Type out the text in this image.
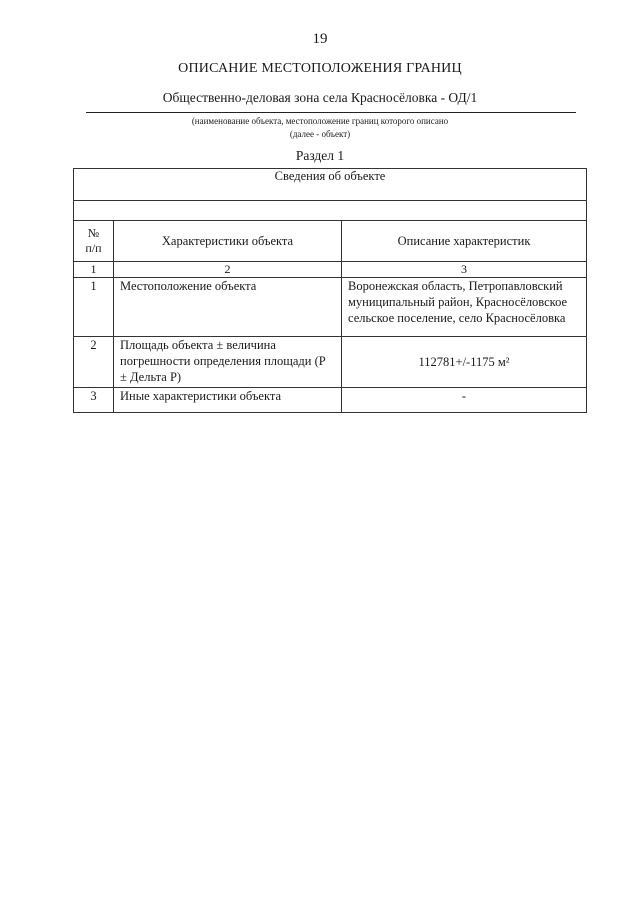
19
ОПИСАНИЕ МЕСТОПОЛОЖЕНИЯ ГРАНИЦ
Общественно-деловая зона села Красносёловка - ОД/1
(наименование объекта, местоположение границ которого описано
(далее - объект)
Раздел 1
Сведения об объекте		

№
п/п	Характеристики объекта	Описание характеристик
1	2	3
1	Местоположение объекта	Воронежская область, Петропавловский муниципальный район, Красносёловское сельское поселение, село Красносёловка
2	Площадь объекта ± величина погрешности определения площади (P ± Дельта P)	112781+/-1175 м²
3	Иные характеристики объекта	-
